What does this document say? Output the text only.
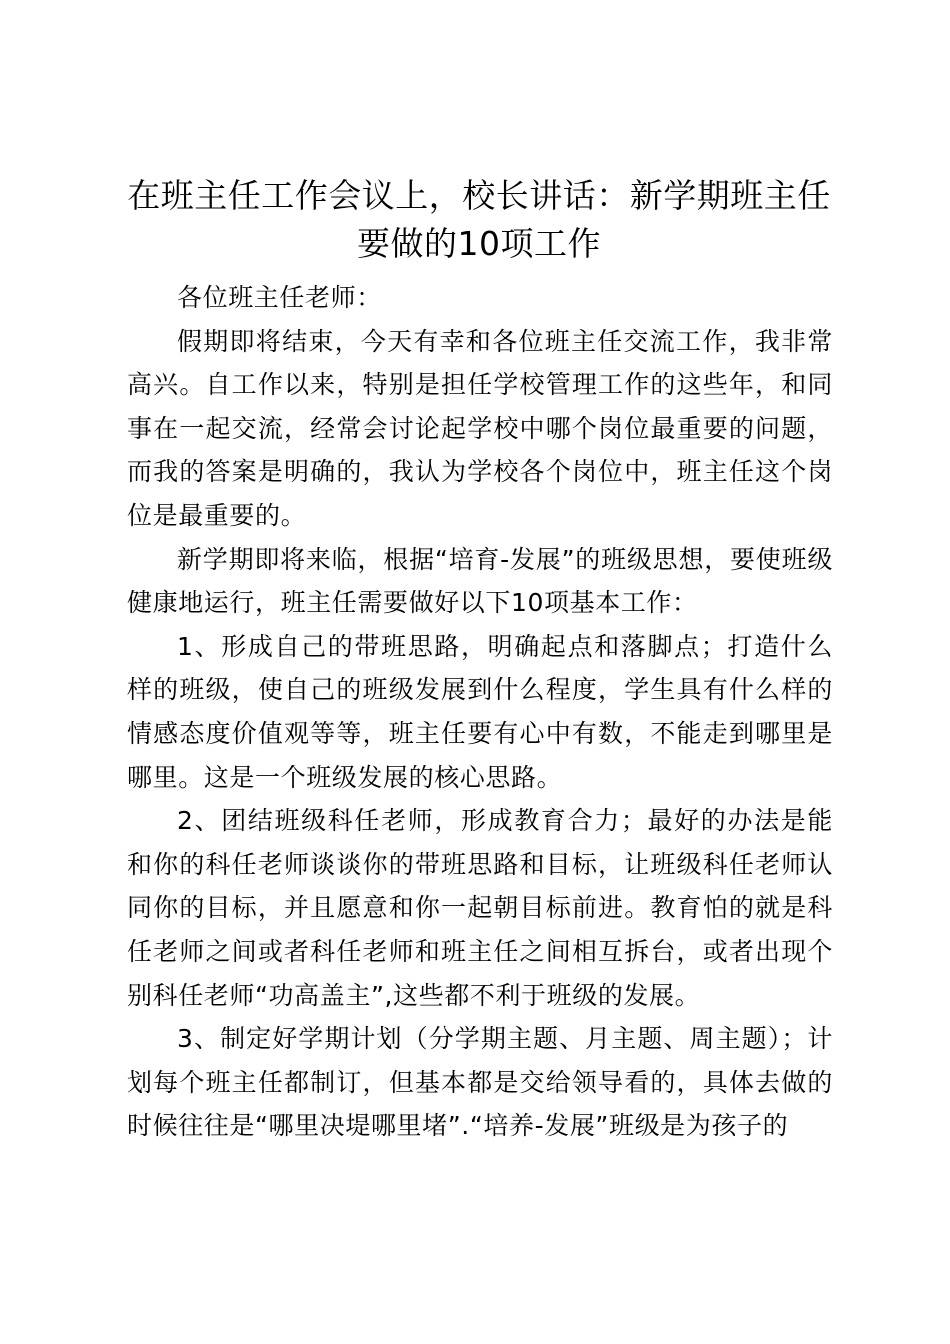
在班主任工作会议上，校长讲话：新学期班主任要做的10项工作

各位班主任老师：

假期即将结束，今天有幸和各位班主任交流工作，我非常高兴。自工作以来，特别是担任学校管理工作的这些年，和同事在一起交流，经常会讨论起学校中哪个岗位最重要的问题，而我的答案是明确的，我认为学校各个岗位中，班主任这个岗位是最重要的。

新学期即将来临，根据“培育-发展”的班级思想，要使班级健康地运行，班主任需要做好以下10项基本工作：

1、形成自己的带班思路，明确起点和落脚点；打造什么样的班级，使自己的班级发展到什么程度，学生具有什么样的情感态度价值观等等，班主任要有心中有数，不能走到哪里是哪里。这是一个班级发展的核心思路。

2、团结班级科任老师，形成教育合力；最好的办法是能和你的科任老师谈谈你的带班思路和目标，让班级科任老师认同你的目标，并且愿意和你一起朝目标前进。教育怕的就是科任老师之间或者科任老师和班主任之间相互拆台，或者出现个别科任老师“功高盖主”,这些都不利于班级的发展。

3、制定好学期计划（分学期主题、月主题、周主题）；计划每个班主任都制订，但基本都是交给领导看的，具体去做的时候往往是“哪里决堤哪里堵”.“培养-发展”班级是为孩子的
